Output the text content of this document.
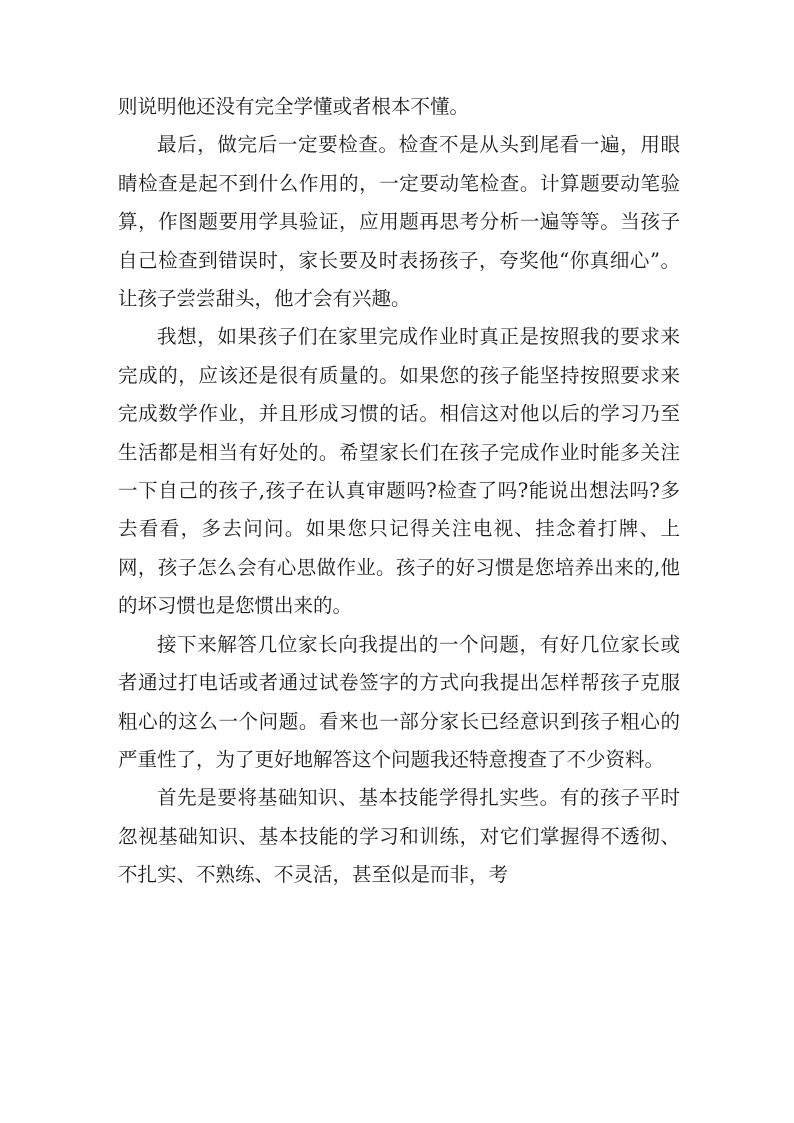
则说明他还没有完全学懂或者根本不懂。

最后，做完后一定要检查。检查不是从头到尾看一遍，用眼睛检查是起不到什么作用的，一定要动笔检查。计算题要动笔验算，作图题要用学具验证，应用题再思考分析一遍等等。当孩子自己检查到错误时，家长要及时表扬孩子，夸奖他“你真细心”。让孩子尝尝甜头，他才会有兴趣。

我想，如果孩子们在家里完成作业时真正是按照我的要求来完成的，应该还是很有质量的。如果您的孩子能坚持按照要求来完成数学作业，并且形成习惯的话。相信这对他以后的学习乃至生活都是相当有好处的。希望家长们在孩子完成作业时能多关注一下自己的孩子,孩子在认真审题吗?检查了吗?能说出想法吗?多去看看，多去问问。如果您只记得关注电视、挂念着打牌、上网，孩子怎么会有心思做作业。孩子的好习惯是您培养出来的,他的坏习惯也是您惯出来的。

接下来解答几位家长向我提出的一个问题，有好几位家长或者通过打电话或者通过试卷签字的方式向我提出怎样帮孩子克服粗心的这么一个问题。看来也一部分家长已经意识到孩子粗心的严重性了，为了更好地解答这个问题我还特意搜查了不少资料。

首先是要将基础知识、基本技能学得扎实些。有的孩子平时忽视基础知识、基本技能的学习和训练，对它们掌握得不透彻、不扎实、不熟练、不灵活，甚至似是而非，考
